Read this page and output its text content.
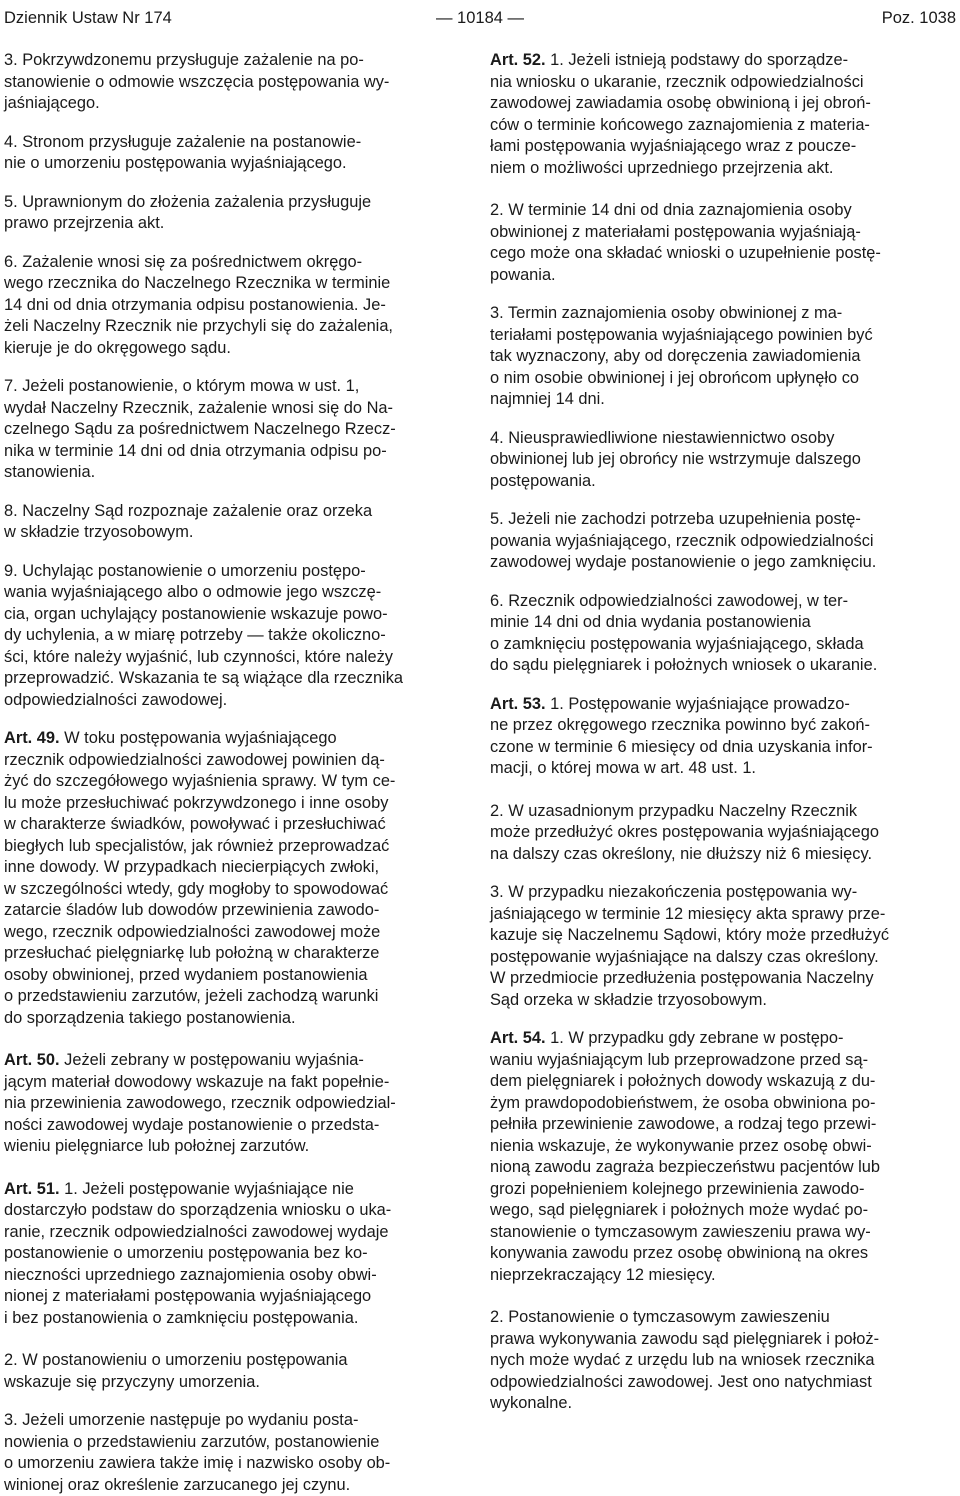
Dziennik Ustaw Nr 174	— 10184 —	Poz. 1038

3. Pokrzywdzonemu przysługuje zażalenie na po-
stanowienie o odmowie wszczęcia postępowania wy-
jaśniającego.

4. Stronom przysługuje zażalenie na postanowie-
nie o umorzeniu postępowania wyjaśniającego.

5. Uprawnionym do złożenia zażalenia przysługuje
prawo przejrzenia akt.

6. Zażalenie wnosi się za pośrednictwem okręgo-
wego rzecznika do Naczelnego Rzecznika w terminie
14 dni od dnia otrzymania odpisu postanowienia. Je-
żeli Naczelny Rzecznik nie przychyli się do zażalenia,
kieruje je do okręgowego sądu.

7. Jeżeli postanowienie, o którym mowa w ust. 1,
wydał Naczelny Rzecznik, zażalenie wnosi się do Na-
czelnego Sądu za pośrednictwem Naczelnego Rzecz-
nika w terminie 14 dni od dnia otrzymania odpisu po-
stanowienia.

8. Naczelny Sąd rozpoznaje zażalenie oraz orzeka
w składzie trzyosobowym.

9. Uchylając postanowienie o umorzeniu postępo-
wania wyjaśniającego albo o odmowie jego wszczę-
cia, organ uchylający postanowienie wskazuje powo-
dy uchylenia, a w miarę potrzeby — także okoliczno-
ści, które należy wyjaśnić, lub czynności, które należy
przeprowadzić. Wskazania te są wiążące dla rzecznika
odpowiedzialności zawodowej.

Art. 49. W toku postępowania wyjaśniającego
rzecznik odpowiedzialności zawodowej powinien dą-
żyć do szczegółowego wyjaśnienia sprawy. W tym ce-
lu może przesłuchiwać pokrzywdzonego i inne osoby
w charakterze świadków, powoływać i przesłuchiwać
biegłych lub specjalistów, jak również przeprowadzać
inne dowody. W przypadkach niecierpiących zwłoki,
w szczególności wtedy, gdy mogłoby to spowodować
zatarcie śladów lub dowodów przewinienia zawodo-
wego, rzecznik odpowiedzialności zawodowej może
przesłuchać pielęgniarkę lub położną w charakterze
osoby obwinionej, przed wydaniem postanowienia
o przedstawieniu zarzutów, jeżeli zachodzą warunki
do sporządzenia takiego postanowienia.

Art. 50. Jeżeli zebrany w postępowaniu wyjaśnia-
jącym materiał dowodowy wskazuje na fakt popełnie-
nia przewinienia zawodowego, rzecznik odpowiedzial-
ności zawodowej wydaje postanowienie o przedsta-
wieniu pielęgniarce lub położnej zarzutów.

Art. 51. 1. Jeżeli postępowanie wyjaśniające nie
dostarczyło podstaw do sporządzenia wniosku o uka-
ranie, rzecznik odpowiedzialności zawodowej wydaje
postanowienie o umorzeniu postępowania bez ko-
nieczności uprzedniego zaznajomienia osoby obwi-
nionej z materiałami postępowania wyjaśniającego
i bez postanowienia o zamknięciu postępowania.

2. W postanowieniu o umorzeniu postępowania
wskazuje się przyczyny umorzenia.

3. Jeżeli umorzenie następuje po wydaniu posta-
nowienia o przedstawieniu zarzutów, postanowienie
o umorzeniu zawiera także imię i nazwisko osoby ob-
winionej oraz określenie zarzucanego jej czynu.

Art. 52. 1. Jeżeli istnieją podstawy do sporządze-
nia wniosku o ukaranie, rzecznik odpowiedzialności
zawodowej zawiadamia osobę obwinioną i jej obroń-
ców o terminie końcowego zaznajomienia z materia-
łami postępowania wyjaśniającego wraz z poucze-
niem o możliwości uprzedniego przejrzenia akt.

2. W terminie 14 dni od dnia zaznajomienia osoby
obwinionej z materiałami postępowania wyjaśniają-
cego może ona składać wnioski o uzupełnienie postę-
powania.

3. Termin zaznajomienia osoby obwinionej z ma-
teriałami postępowania wyjaśniającego powinien być
tak wyznaczony, aby od doręczenia zawiadomienia
o nim osobie obwinionej i jej obrońcom upłynęło co
najmniej 14 dni.

4. Nieusprawiedliwione niestawiennictwo osoby
obwinionej lub jej obrońcy nie wstrzymuje dalszego
postępowania.

5. Jeżeli nie zachodzi potrzeba uzupełnienia postę-
powania wyjaśniającego, rzecznik odpowiedzialności
zawodowej wydaje postanowienie o jego zamknięciu.

6. Rzecznik odpowiedzialności zawodowej, w ter-
minie 14 dni od dnia wydania postanowienia
o zamknięciu postępowania wyjaśniającego, składa
do sądu pielęgniarek i położnych wniosek o ukaranie.

Art. 53. 1. Postępowanie wyjaśniające prowadzo-
ne przez okręgowego rzecznika powinno być zakoń-
czone w terminie 6 miesięcy od dnia uzyskania infor-
macji, o której mowa w art. 48 ust. 1.

2. W uzasadnionym przypadku Naczelny Rzecznik
może przedłużyć okres postępowania wyjaśniającego
na dalszy czas określony, nie dłuższy niż 6 miesięcy.

3. W przypadku niezakończenia postępowania wy-
jaśniającego w terminie 12 miesięcy akta sprawy prze-
kazuje się Naczelnemu Sądowi, który może przedłużyć
postępowanie wyjaśniające na dalszy czas określony.
W przedmiocie przedłużenia postępowania Naczelny
Sąd orzeka w składzie trzyosobowym.

Art. 54. 1. W przypadku gdy zebrane w postępo-
waniu wyjaśniającym lub przeprowadzone przed są-
dem pielęgniarek i położnych dowody wskazują z du-
żym prawdopodobieństwem, że osoba obwiniona po-
pełniła przewinienie zawodowe, a rodzaj tego przewi-
nienia wskazuje, że wykonywanie przez osobę obwi-
nioną zawodu zagraża bezpieczeństwu pacjentów lub
grozi popełnieniem kolejnego przewinienia zawodo-
wego, sąd pielęgniarek i położnych może wydać po-
stanowienie o tymczasowym zawieszeniu prawa wy-
konywania zawodu przez osobę obwinioną na okres
nieprzekraczający 12 miesięcy.

2. Postanowienie o tymczasowym zawieszeniu
prawa wykonywania zawodu sąd pielęgniarek i położ-
nych może wydać z urzędu lub na wniosek rzecznika
odpowiedzialności zawodowej. Jest ono natychmiast
wykonalne.
